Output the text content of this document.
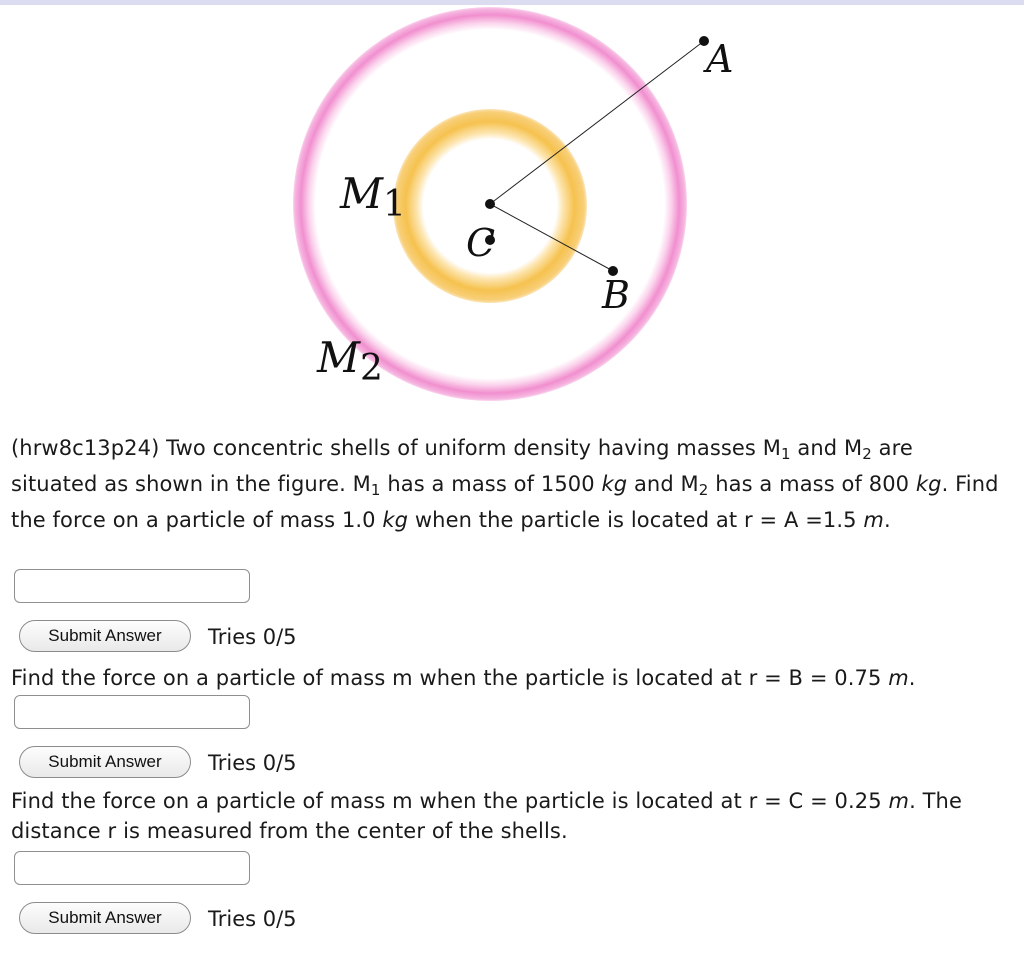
A
B
C
M1
M2
(hrw8c13p24) Two concentric shells of uniform density having masses $M_1$ and $M_2$ are situated as shown in the figure. $M_1$ has a mass of 1500 kg and $M_2$ has a mass of 800 kg. Find the force on a particle of mass 1.0 kg when the particle is located at r = A =1.5 m.
Submit Answer	Tries 0/5
Find the force on a particle of mass m when the particle is located at r = B = 0.75 m.
Submit Answer	Tries 0/5
Find the force on a particle of mass m when the particle is located at r = C = 0.25 m. The distance r is measured from the center of the shells.
Submit Answer	Tries 0/5
